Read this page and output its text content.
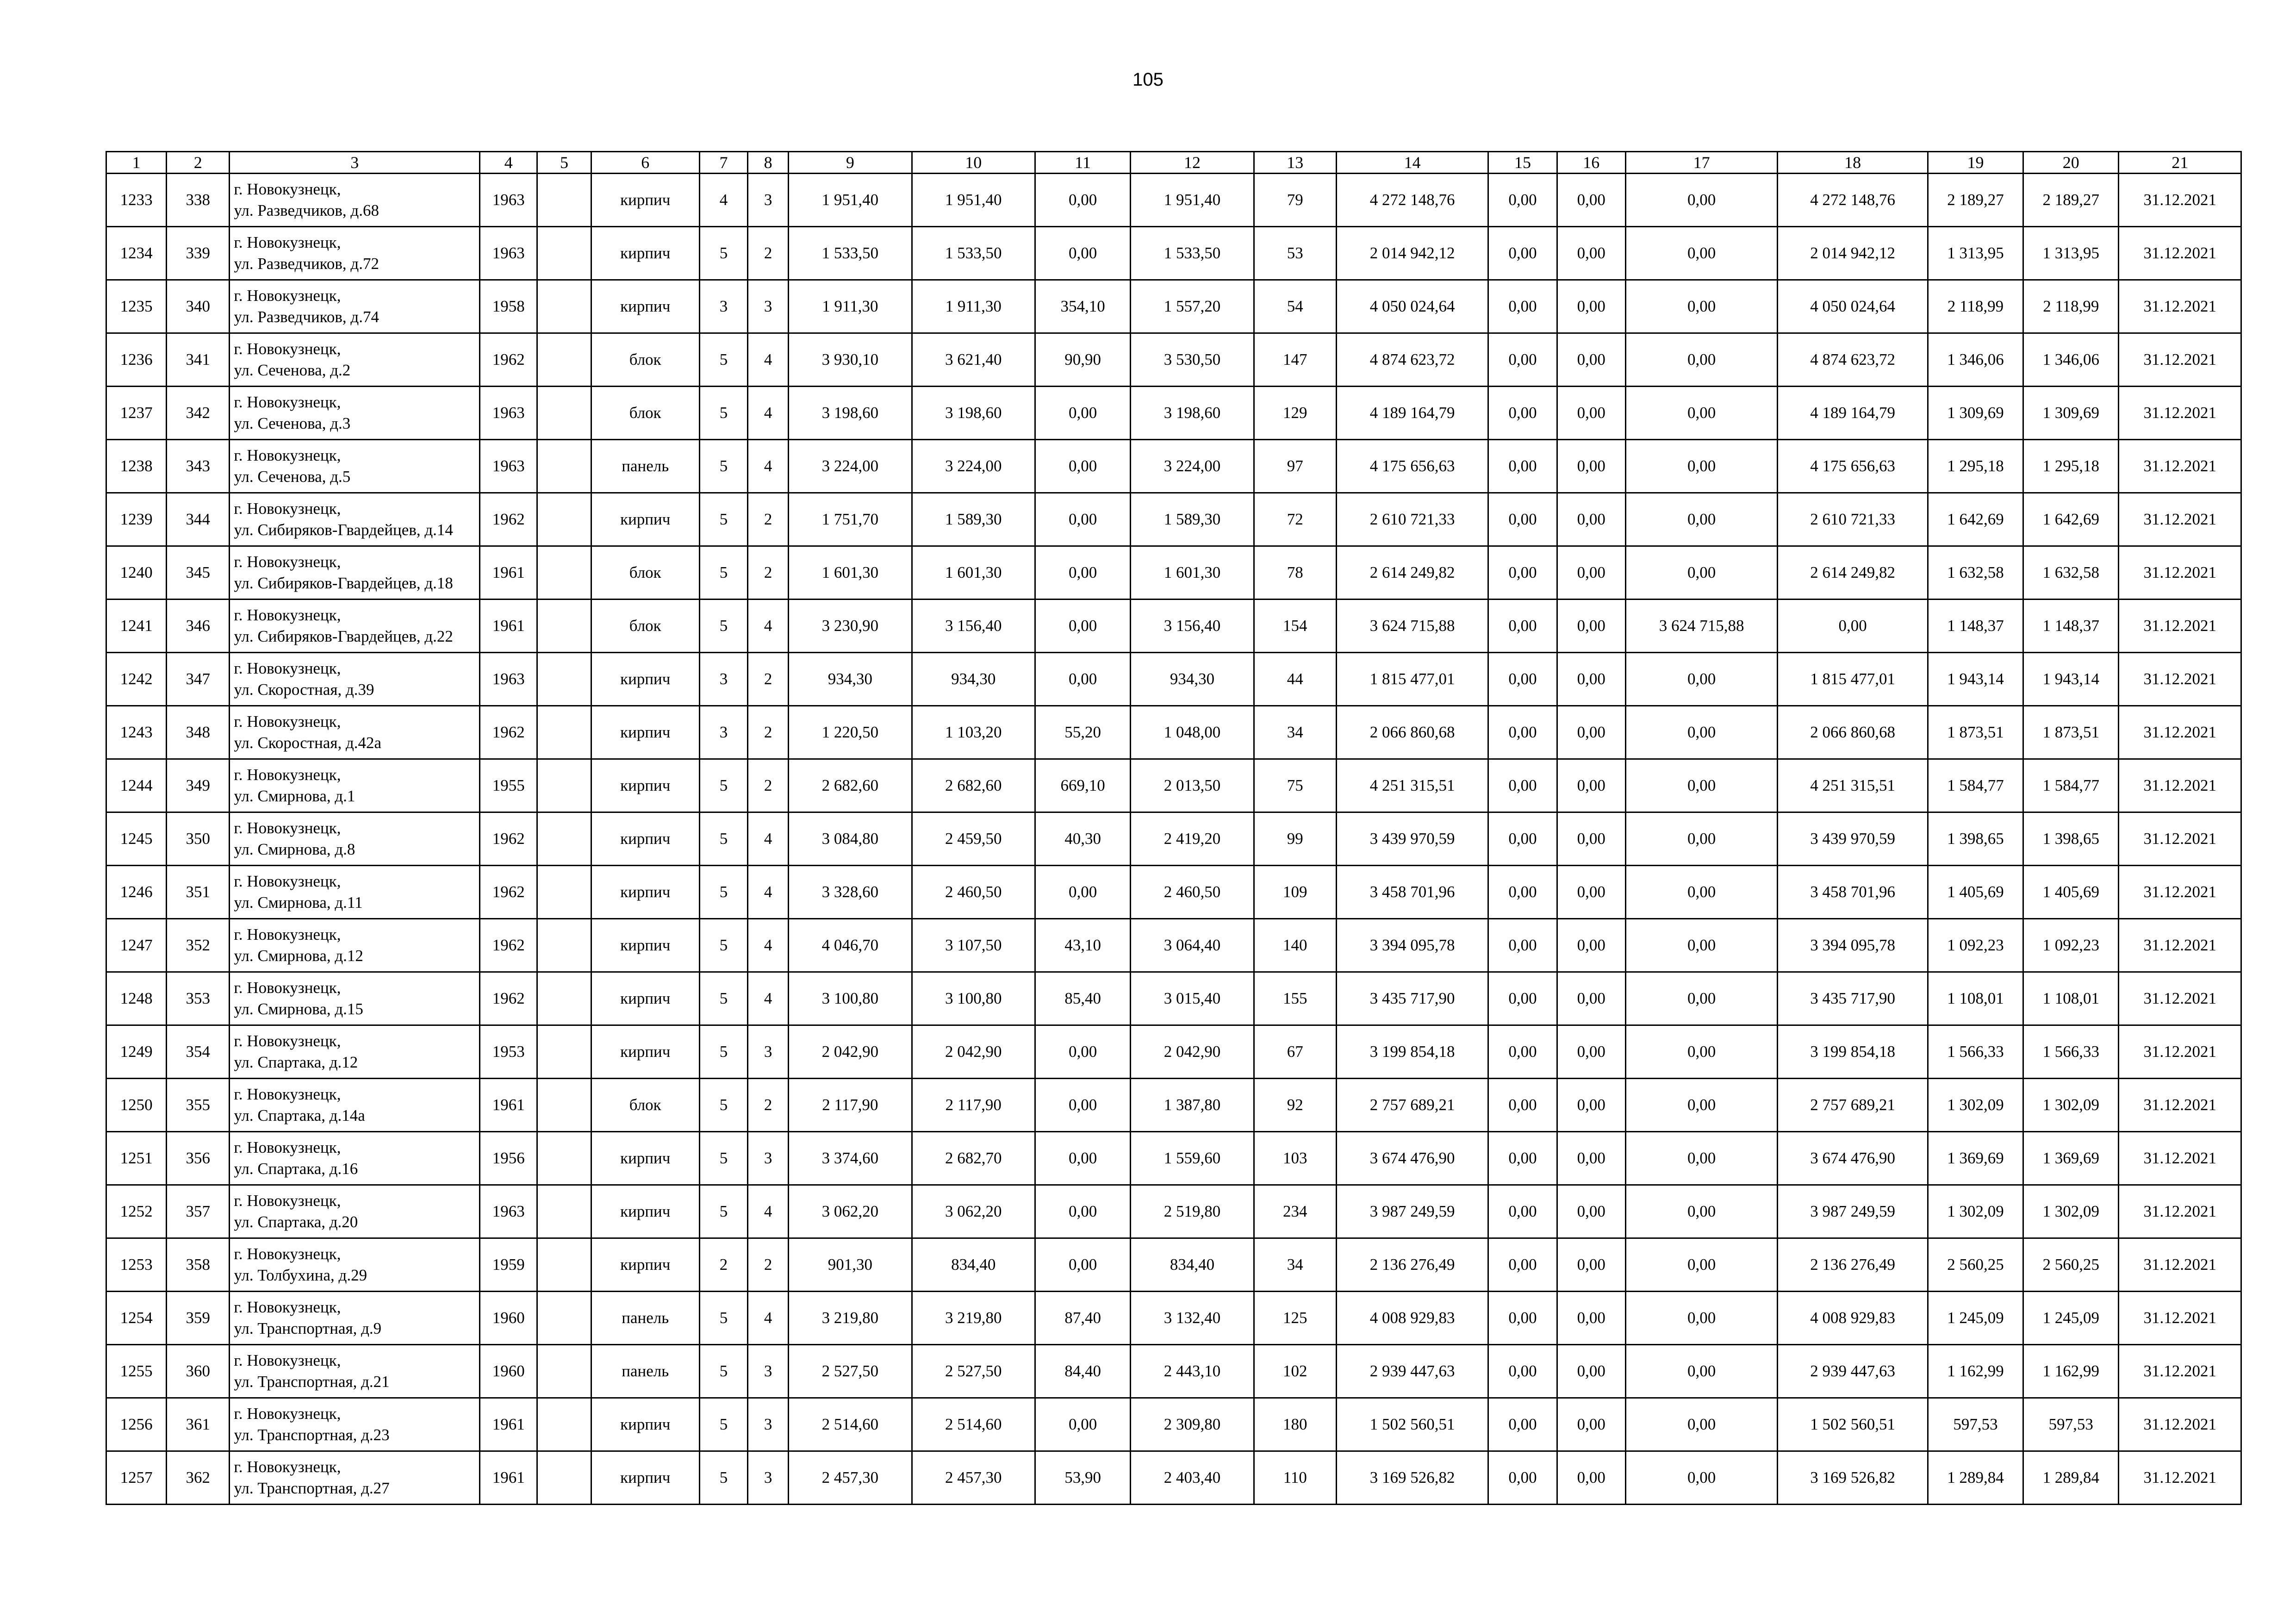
105
1	2	3	4	5	6	7	8	9	10	11	12	13	14	15	16	17	18	19	20	21
1233	338	г. Новокузнецк,
ул. Разведчиков, д.68	1963		кирпич	4	3	1 951,40	1 951,40	0,00	1 951,40	79	4 272 148,76	0,00	0,00	0,00	4 272 148,76	2 189,27	2 189,27	31.12.2021
1234	339	г. Новокузнецк,
ул. Разведчиков, д.72	1963		кирпич	5	2	1 533,50	1 533,50	0,00	1 533,50	53	2 014 942,12	0,00	0,00	0,00	2 014 942,12	1 313,95	1 313,95	31.12.2021
1235	340	г. Новокузнецк,
ул. Разведчиков, д.74	1958		кирпич	3	3	1 911,30	1 911,30	354,10	1 557,20	54	4 050 024,64	0,00	0,00	0,00	4 050 024,64	2 118,99	2 118,99	31.12.2021
1236	341	г. Новокузнецк,
ул. Сеченова, д.2	1962		блок	5	4	3 930,10	3 621,40	90,90	3 530,50	147	4 874 623,72	0,00	0,00	0,00	4 874 623,72	1 346,06	1 346,06	31.12.2021
1237	342	г. Новокузнецк,
ул. Сеченова, д.3	1963		блок	5	4	3 198,60	3 198,60	0,00	3 198,60	129	4 189 164,79	0,00	0,00	0,00	4 189 164,79	1 309,69	1 309,69	31.12.2021
1238	343	г. Новокузнецк,
ул. Сеченова, д.5	1963		панель	5	4	3 224,00	3 224,00	0,00	3 224,00	97	4 175 656,63	0,00	0,00	0,00	4 175 656,63	1 295,18	1 295,18	31.12.2021
1239	344	г. Новокузнецк,
ул. Сибиряков-Гвардейцев, д.14	1962		кирпич	5	2	1 751,70	1 589,30	0,00	1 589,30	72	2 610 721,33	0,00	0,00	0,00	2 610 721,33	1 642,69	1 642,69	31.12.2021
1240	345	г. Новокузнецк,
ул. Сибиряков-Гвардейцев, д.18	1961		блок	5	2	1 601,30	1 601,30	0,00	1 601,30	78	2 614 249,82	0,00	0,00	0,00	2 614 249,82	1 632,58	1 632,58	31.12.2021
1241	346	г. Новокузнецк,
ул. Сибиряков-Гвардейцев, д.22	1961		блок	5	4	3 230,90	3 156,40	0,00	3 156,40	154	3 624 715,88	0,00	0,00	3 624 715,88	0,00	1 148,37	1 148,37	31.12.2021
1242	347	г. Новокузнецк,
ул. Скоростная, д.39	1963		кирпич	3	2	934,30	934,30	0,00	934,30	44	1 815 477,01	0,00	0,00	0,00	1 815 477,01	1 943,14	1 943,14	31.12.2021
1243	348	г. Новокузнецк,
ул. Скоростная, д.42а	1962		кирпич	3	2	1 220,50	1 103,20	55,20	1 048,00	34	2 066 860,68	0,00	0,00	0,00	2 066 860,68	1 873,51	1 873,51	31.12.2021
1244	349	г. Новокузнецк,
ул. Смирнова, д.1	1955		кирпич	5	2	2 682,60	2 682,60	669,10	2 013,50	75	4 251 315,51	0,00	0,00	0,00	4 251 315,51	1 584,77	1 584,77	31.12.2021
1245	350	г. Новокузнецк,
ул. Смирнова, д.8	1962		кирпич	5	4	3 084,80	2 459,50	40,30	2 419,20	99	3 439 970,59	0,00	0,00	0,00	3 439 970,59	1 398,65	1 398,65	31.12.2021
1246	351	г. Новокузнецк,
ул. Смирнова, д.11	1962		кирпич	5	4	3 328,60	2 460,50	0,00	2 460,50	109	3 458 701,96	0,00	0,00	0,00	3 458 701,96	1 405,69	1 405,69	31.12.2021
1247	352	г. Новокузнецк,
ул. Смирнова, д.12	1962		кирпич	5	4	4 046,70	3 107,50	43,10	3 064,40	140	3 394 095,78	0,00	0,00	0,00	3 394 095,78	1 092,23	1 092,23	31.12.2021
1248	353	г. Новокузнецк,
ул. Смирнова, д.15	1962		кирпич	5	4	3 100,80	3 100,80	85,40	3 015,40	155	3 435 717,90	0,00	0,00	0,00	3 435 717,90	1 108,01	1 108,01	31.12.2021
1249	354	г. Новокузнецк,
ул. Спартака, д.12	1953		кирпич	5	3	2 042,90	2 042,90	0,00	2 042,90	67	3 199 854,18	0,00	0,00	0,00	3 199 854,18	1 566,33	1 566,33	31.12.2021
1250	355	г. Новокузнецк,
ул. Спартака, д.14а	1961		блок	5	2	2 117,90	2 117,90	0,00	1 387,80	92	2 757 689,21	0,00	0,00	0,00	2 757 689,21	1 302,09	1 302,09	31.12.2021
1251	356	г. Новокузнецк,
ул. Спартака, д.16	1956		кирпич	5	3	3 374,60	2 682,70	0,00	1 559,60	103	3 674 476,90	0,00	0,00	0,00	3 674 476,90	1 369,69	1 369,69	31.12.2021
1252	357	г. Новокузнецк,
ул. Спартака, д.20	1963		кирпич	5	4	3 062,20	3 062,20	0,00	2 519,80	234	3 987 249,59	0,00	0,00	0,00	3 987 249,59	1 302,09	1 302,09	31.12.2021
1253	358	г. Новокузнецк,
ул. Толбухина, д.29	1959		кирпич	2	2	901,30	834,40	0,00	834,40	34	2 136 276,49	0,00	0,00	0,00	2 136 276,49	2 560,25	2 560,25	31.12.2021
1254	359	г. Новокузнецк,
ул. Транспортная, д.9	1960		панель	5	4	3 219,80	3 219,80	87,40	3 132,40	125	4 008 929,83	0,00	0,00	0,00	4 008 929,83	1 245,09	1 245,09	31.12.2021
1255	360	г. Новокузнецк,
ул. Транспортная, д.21	1960		панель	5	3	2 527,50	2 527,50	84,40	2 443,10	102	2 939 447,63	0,00	0,00	0,00	2 939 447,63	1 162,99	1 162,99	31.12.2021
1256	361	г. Новокузнецк,
ул. Транспортная, д.23	1961		кирпич	5	3	2 514,60	2 514,60	0,00	2 309,80	180	1 502 560,51	0,00	0,00	0,00	1 502 560,51	597,53	597,53	31.12.2021
1257	362	г. Новокузнецк,
ул. Транспортная, д.27	1961		кирпич	5	3	2 457,30	2 457,30	53,90	2 403,40	110	3 169 526,82	0,00	0,00	0,00	3 169 526,82	1 289,84	1 289,84	31.12.2021
